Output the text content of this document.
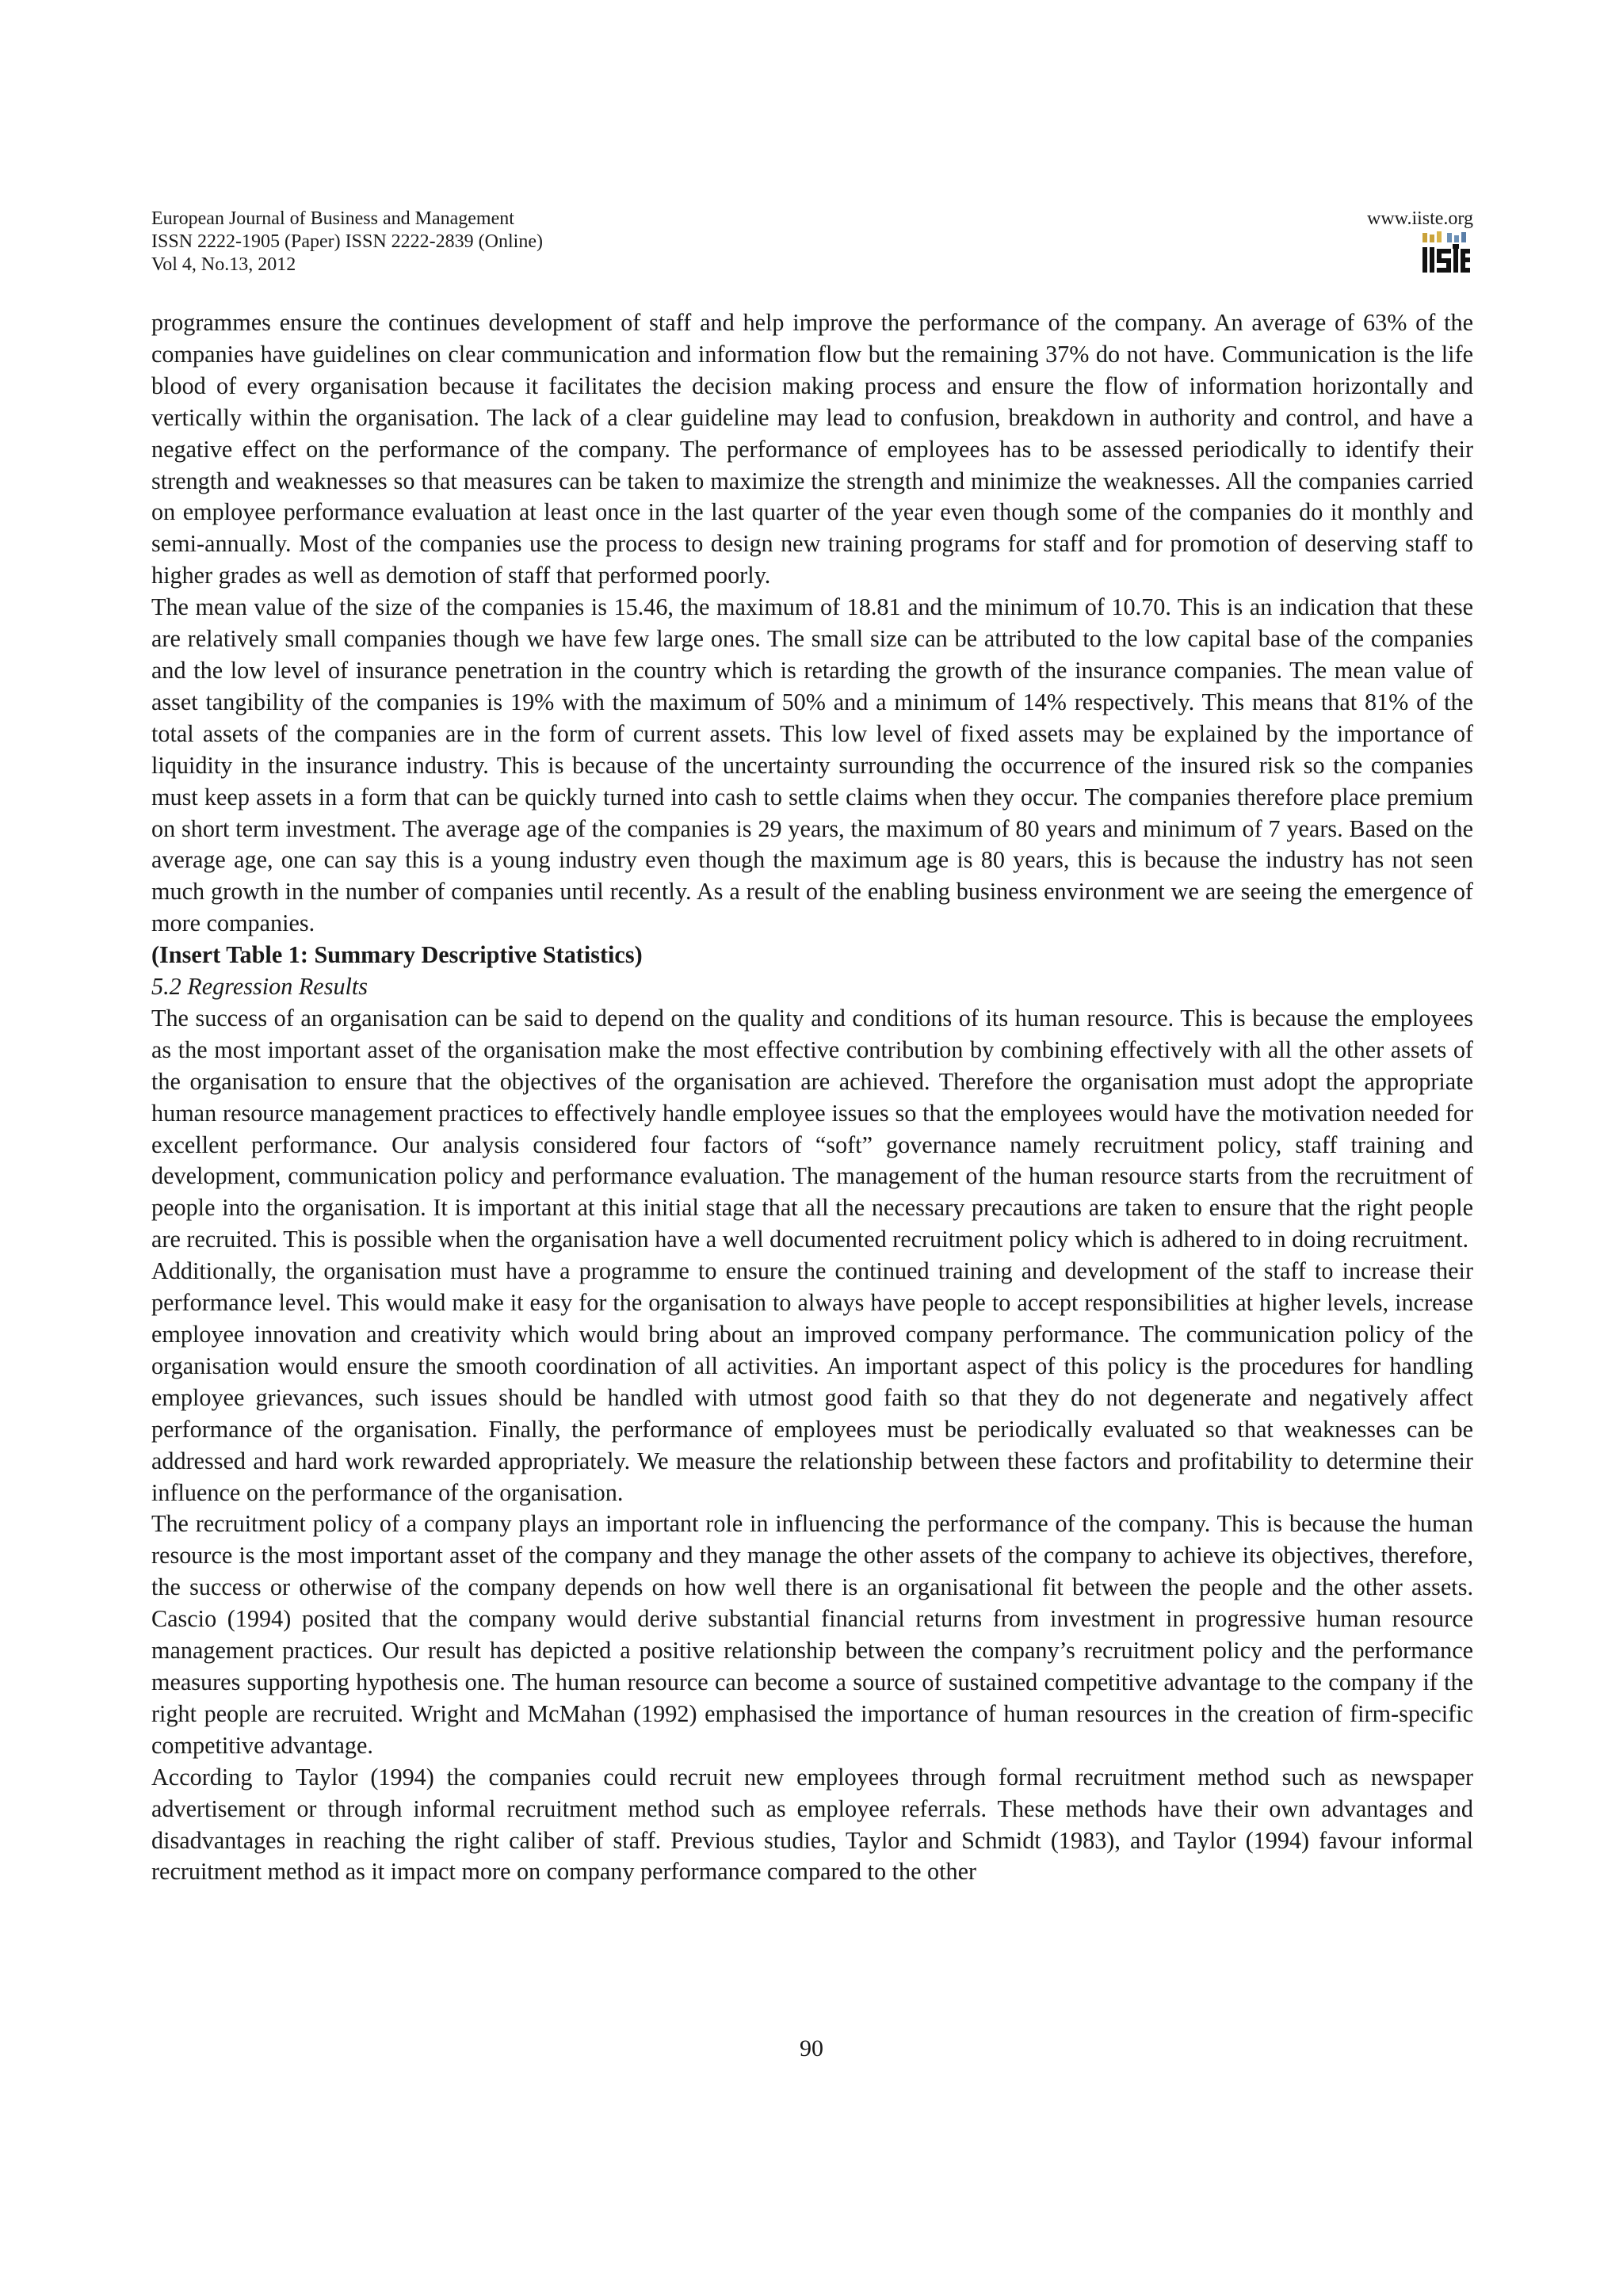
European Journal of Business and Management
ISSN 2222-1905 (Paper) ISSN 2222-2839 (Online)
Vol 4, No.13, 2012
www.iiste.org

programmes ensure the continues development of staff and help improve the performance of the company. An average of 63% of the companies have guidelines on clear communication and information flow but the remaining 37% do not have. Communication is the life blood of every organisation because it facilitates the decision making process and ensure the flow of information horizontally and vertically within the organisation. The lack of a clear guideline may lead to confusion, breakdown in authority and control, and have a negative effect on the performance of the company. The performance of employees has to be assessed periodically to identify their strength and weaknesses so that measures can be taken to maximize the strength and minimize the weaknesses. All the companies carried on employee performance evaluation at least once in the last quarter of the year even though some of the companies do it monthly and semi-annually. Most of the companies use the process to design new training programs for staff and for promotion of deserving staff to higher grades as well as demotion of staff that performed poorly.

The mean value of the size of the companies is 15.46, the maximum of 18.81 and the minimum of 10.70. This is an indication that these are relatively small companies though we have few large ones. The small size can be attributed to the low capital base of the companies and the low level of insurance penetration in the country which is retarding the growth of the insurance companies. The mean value of asset tangibility of the companies is 19% with the maximum of 50% and a minimum of 14% respectively. This means that 81% of the total assets of the companies are in the form of current assets. This low level of fixed assets may be explained by the importance of liquidity in the insurance industry. This is because of the uncertainty surrounding the occurrence of the insured risk so the companies must keep assets in a form that can be quickly turned into cash to settle claims when they occur. The companies therefore place premium on short term investment. The average age of the companies is 29 years, the maximum of 80 years and minimum of 7 years. Based on the average age, one can say this is a young industry even though the maximum age is 80 years, this is because the industry has not seen much growth in the number of companies until recently. As a result of the enabling business environment we are seeing the emergence of more companies.

(Insert Table 1: Summary Descriptive Statistics)

5.2 Regression Results

The success of an organisation can be said to depend on the quality and conditions of its human resource. This is because the employees as the most important asset of the organisation make the most effective contribution by combining effectively with all the other assets of the organisation to ensure that the objectives of the organisation are achieved. Therefore the organisation must adopt the appropriate human resource management practices to effectively handle employee issues so that the employees would have the motivation needed for excellent performance. Our analysis considered four factors of “soft” governance namely recruitment policy, staff training and development, communication policy and performance evaluation. The management of the human resource starts from the recruitment of people into the organisation. It is important at this initial stage that all the necessary precautions are taken to ensure that the right people are recruited. This is possible when the organisation have a well documented recruitment policy which is adhered to in doing recruitment.

Additionally, the organisation must have a programme to ensure the continued training and development of the staff to increase their performance level. This would make it easy for the organisation to always have people to accept responsibilities at higher levels, increase employee innovation and creativity which would bring about an improved company performance. The communication policy of the organisation would ensure the smooth coordination of all activities. An important aspect of this policy is the procedures for handling employee grievances, such issues should be handled with utmost good faith so that they do not degenerate and negatively affect performance of the organisation. Finally, the performance of employees must be periodically evaluated so that weaknesses can be addressed and hard work rewarded appropriately. We measure the relationship between these factors and profitability to determine their influence on the performance of the organisation.

The recruitment policy of a company plays an important role in influencing the performance of the company. This is because the human resource is the most important asset of the company and they manage the other assets of the company to achieve its objectives, therefore, the success or otherwise of the company depends on how well there is an organisational fit between the people and the other assets. Cascio (1994) posited that the company would derive substantial financial returns from investment in progressive human resource management practices. Our result has depicted a positive relationship between the company’s recruitment policy and the performance measures supporting hypothesis one. The human resource can become a source of sustained competitive advantage to the company if the right people are recruited. Wright and McMahan (1992) emphasised the importance of human resources in the creation of firm-specific competitive advantage.

According to Taylor (1994) the companies could recruit new employees through formal recruitment method such as newspaper advertisement or through informal recruitment method such as employee referrals. These methods have their own advantages and disadvantages in reaching the right caliber of staff. Previous studies, Taylor and Schmidt (1983), and Taylor (1994) favour informal recruitment method as it impact more on company performance compared to the other

90
